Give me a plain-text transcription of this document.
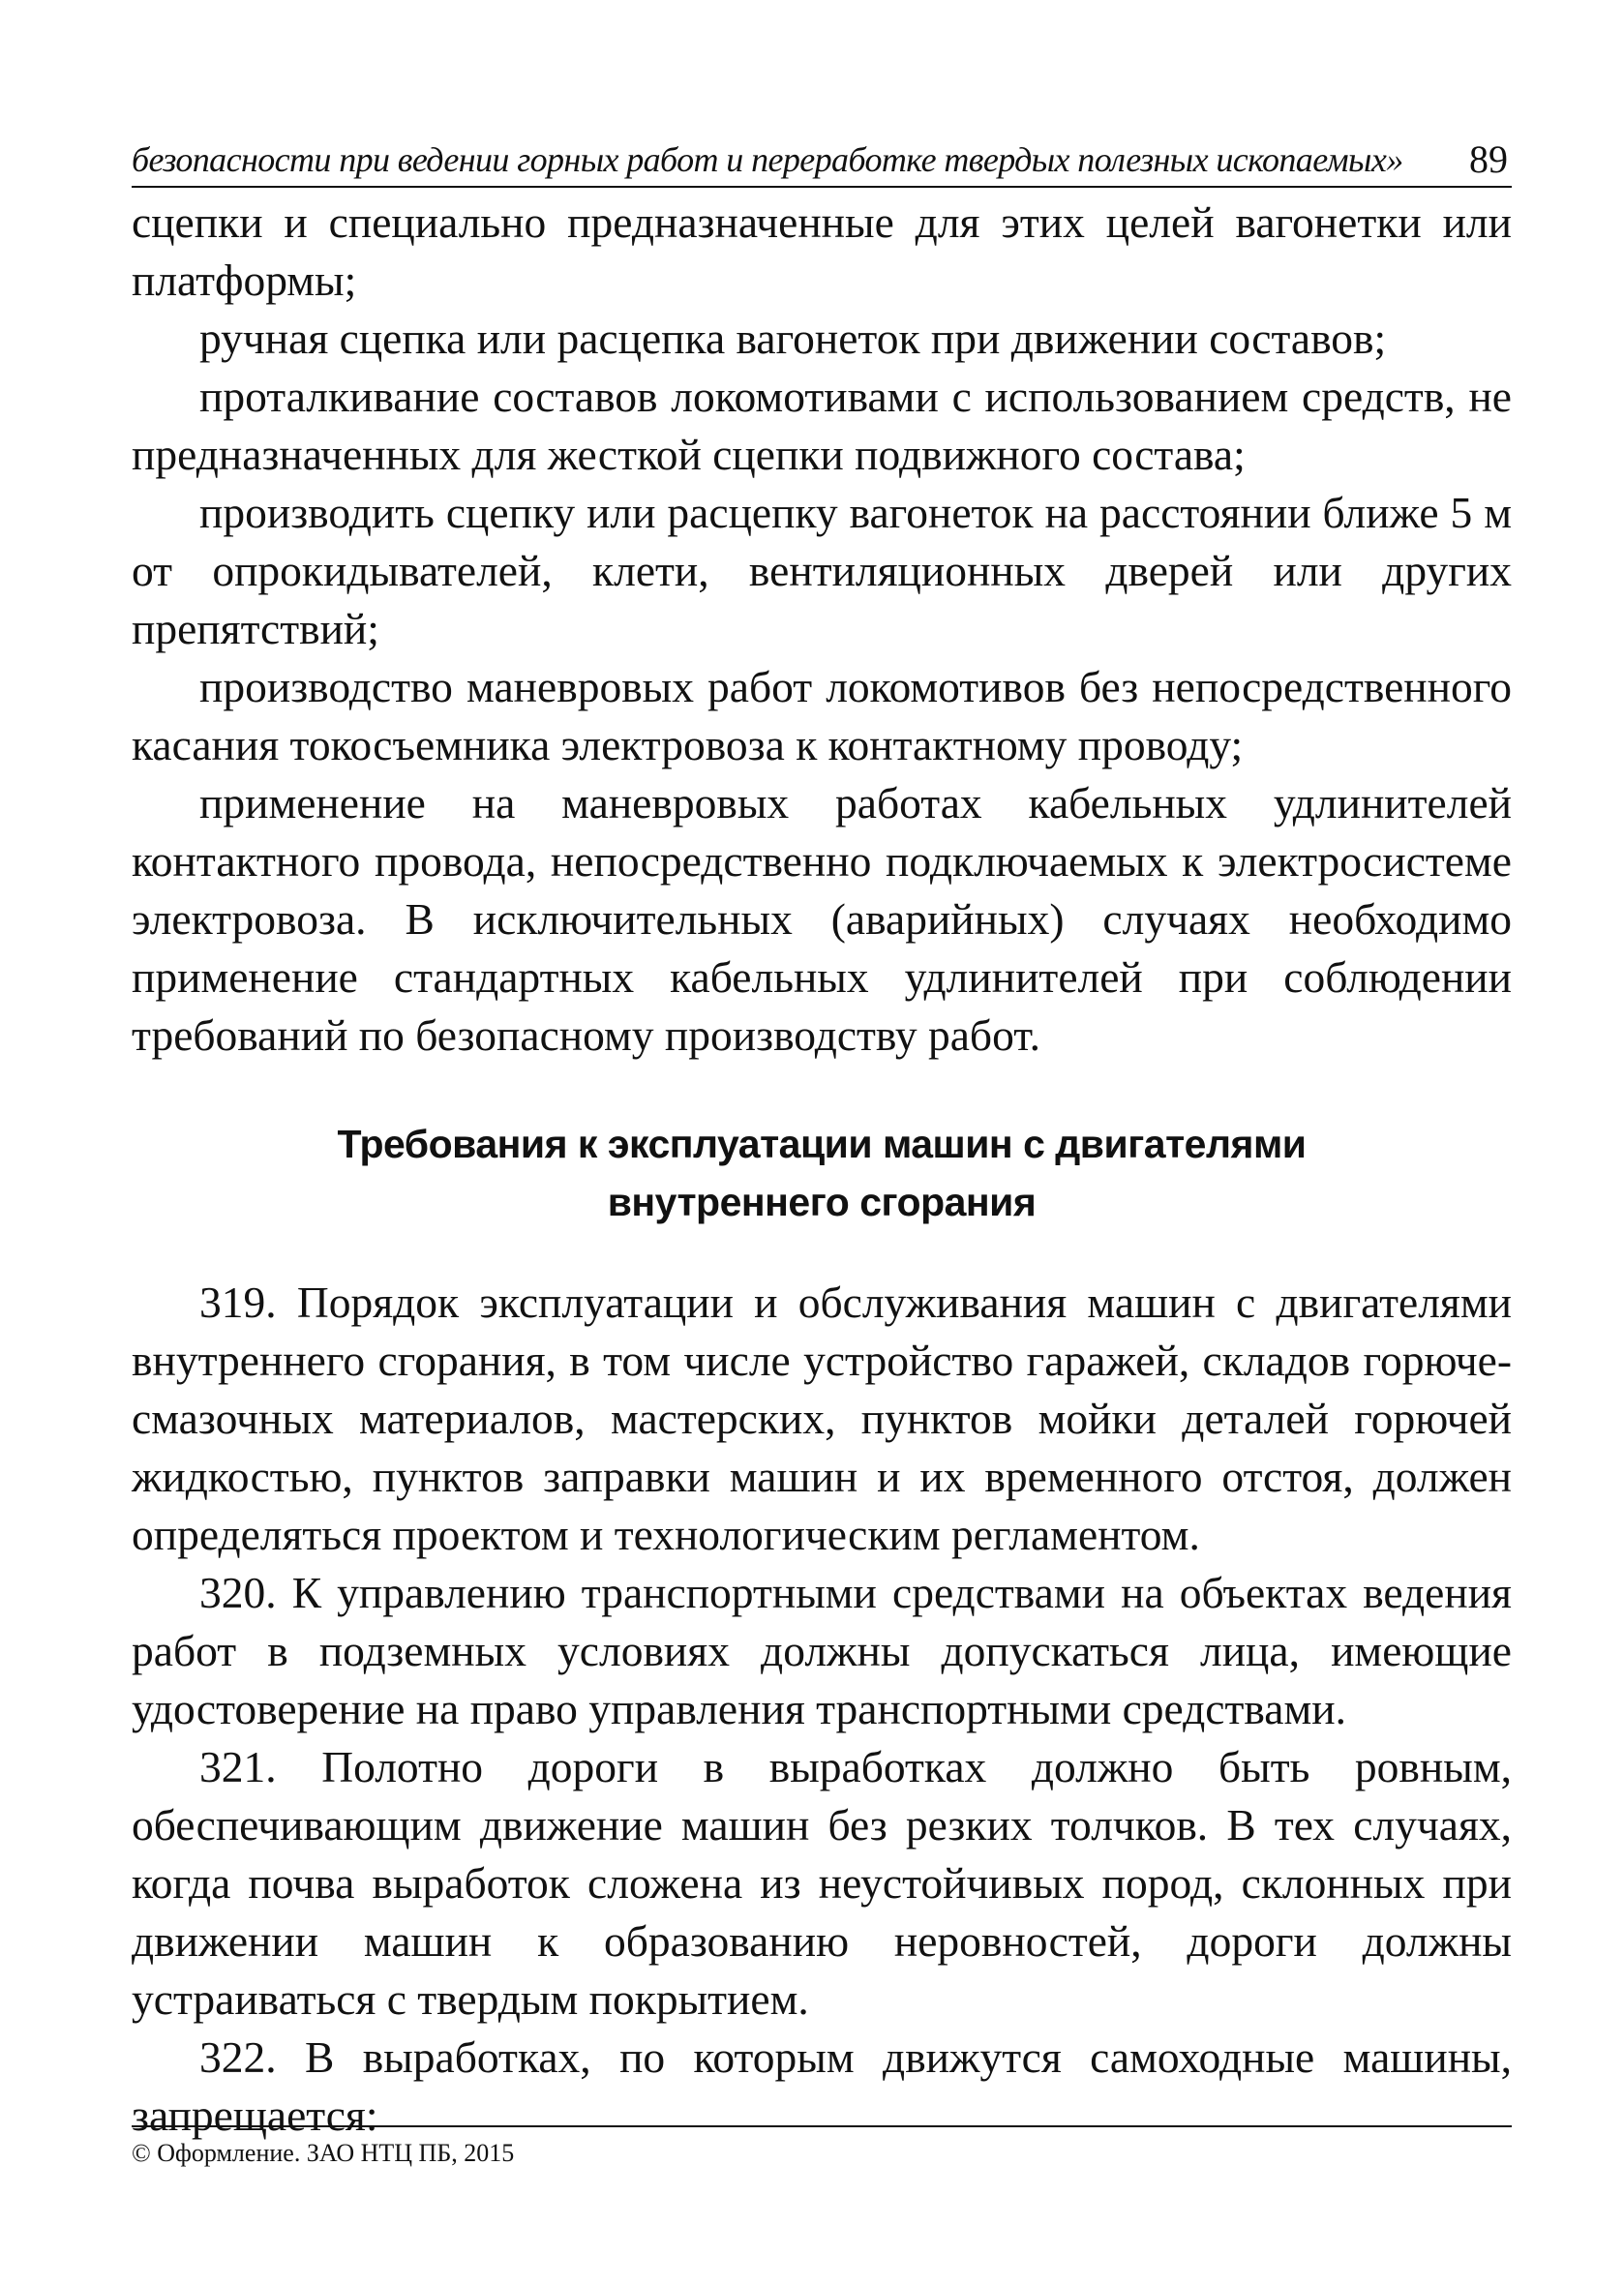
безопасности при ведении горных работ и переработке твердых полезных ископаемых» 89

сцепки и специально предназначенные для этих целей вагонетки или платформы;

ручная сцепка или расцепка вагонеток при движении составов;

проталкивание составов локомотивами с использованием средств, не предназначенных для жесткой сцепки подвижного состава;

производить сцепку или расцепку вагонеток на расстоянии ближе 5 м от опрокидывателей, клети, вентиляционных дверей или других препятствий;

производство маневровых работ локомотивов без непосредственного касания токосъемника электровоза к контактному проводу;

применение на маневровых работах кабельных удлинителей контактного провода, непосредственно подключаемых к электросистеме электровоза. В исключительных (аварийных) случаях необходимо применение стандартных кабельных удлинителей при соблюдении требований по безопасному производству работ.

Требования к эксплуатации машин с двигателями
внутреннего сгорания

319. Порядок эксплуатации и обслуживания машин с двигателями внутреннего сгорания, в том числе устройство гаражей, складов горюче-смазочных материалов, мастерских, пунктов мойки деталей горючей жидкостью, пунктов заправки машин и их временного отстоя, должен определяться проектом и технологическим регламентом.

320. К управлению транспортными средствами на объектах ведения работ в подземных условиях должны допускаться лица, имеющие удостоверение на право управления транспортными средствами.

321. Полотно дороги в выработках должно быть ровным, обеспечивающим движение машин без резких толчков. В тех случаях, когда почва выработок сложена из неустойчивых пород, склонных при движении машин к образованию неровностей, дороги должны устраиваться с твердым покрытием.

322. В выработках, по которым движутся самоходные машины, запрещается:

© Оформление. ЗАО НТЦ ПБ, 2015
